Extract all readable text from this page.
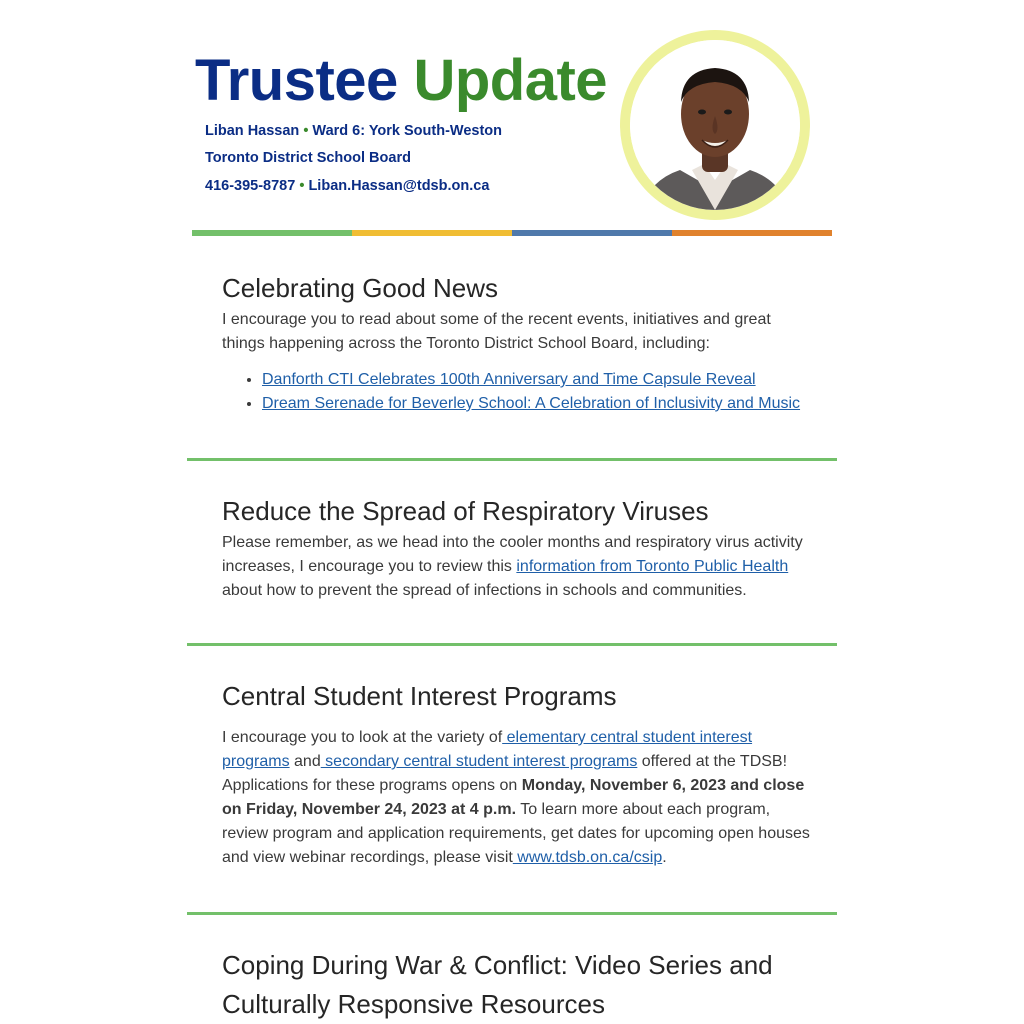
Trustee Update
Liban Hassan • Ward 6: York South-Weston
Toronto District School Board
416-395-8787 • Liban.Hassan@tdsb.on.ca
Celebrating Good News

I encourage you to read about some of the recent events, initiatives and great things happening across the Toronto District School Board, including:

• Danforth CTI Celebrates 100th Anniversary and Time Capsule Reveal
• Dream Serenade for Beverley School: A Celebration of Inclusivity and Music
Reduce the Spread of Respiratory Viruses

Please remember, as we head into the cooler months and respiratory virus activity increases, I encourage you to review this information from Toronto Public Health about how to prevent the spread of infections in schools and communities.

Central Student Interest Programs

I encourage you to look at the variety of elementary central student interest programs and secondary central student interest programs offered at the TDSB! Applications for these programs opens on Monday, November 6, 2023 and close on Friday, November 24, 2023 at 4 p.m. To learn more about each program, review program and application requirements, get dates for upcoming open houses and view webinar recordings, please visit www.tdsb.on.ca/csip.

Coping During War & Conflict: Video Series and Culturally Responsive Resources
